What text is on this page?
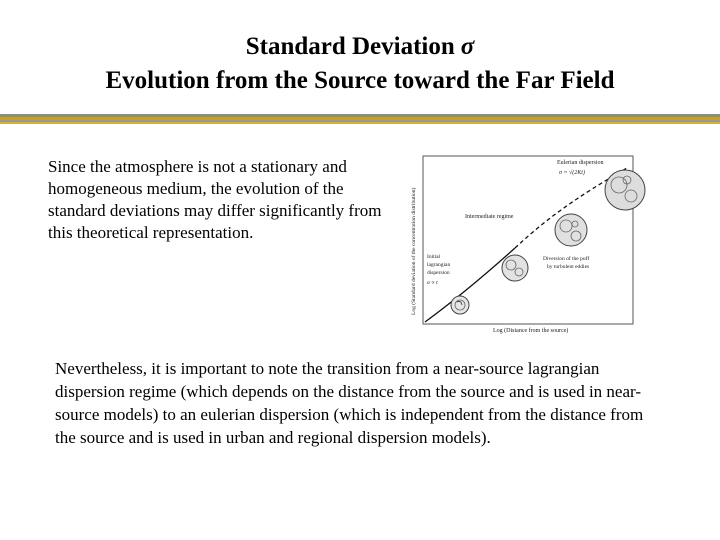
Standard Deviation σ
Evolution from the Source toward the Far Field
Since the atmosphere is not a stationary and homogeneous medium, the evolution of the standard deviations may differ significantly from this theoretical representation.	Log (Standard deviation of the concentration distribution)
Log (Distance from the source)
Eulerian dispersion
σ = √(2Kt)
Intermediate regime
Diversion of the puff
by turbulent eddies
Initial
lagrangian
dispersion
σ ∝ t
Nevertheless, it is important to note the transition from a near-source lagrangian dispersion regime (which depends on the distance from the source and is used in near-source models) to an eulerian dispersion (which is independent from the distance from the source and is used in urban and regional dispersion models).
